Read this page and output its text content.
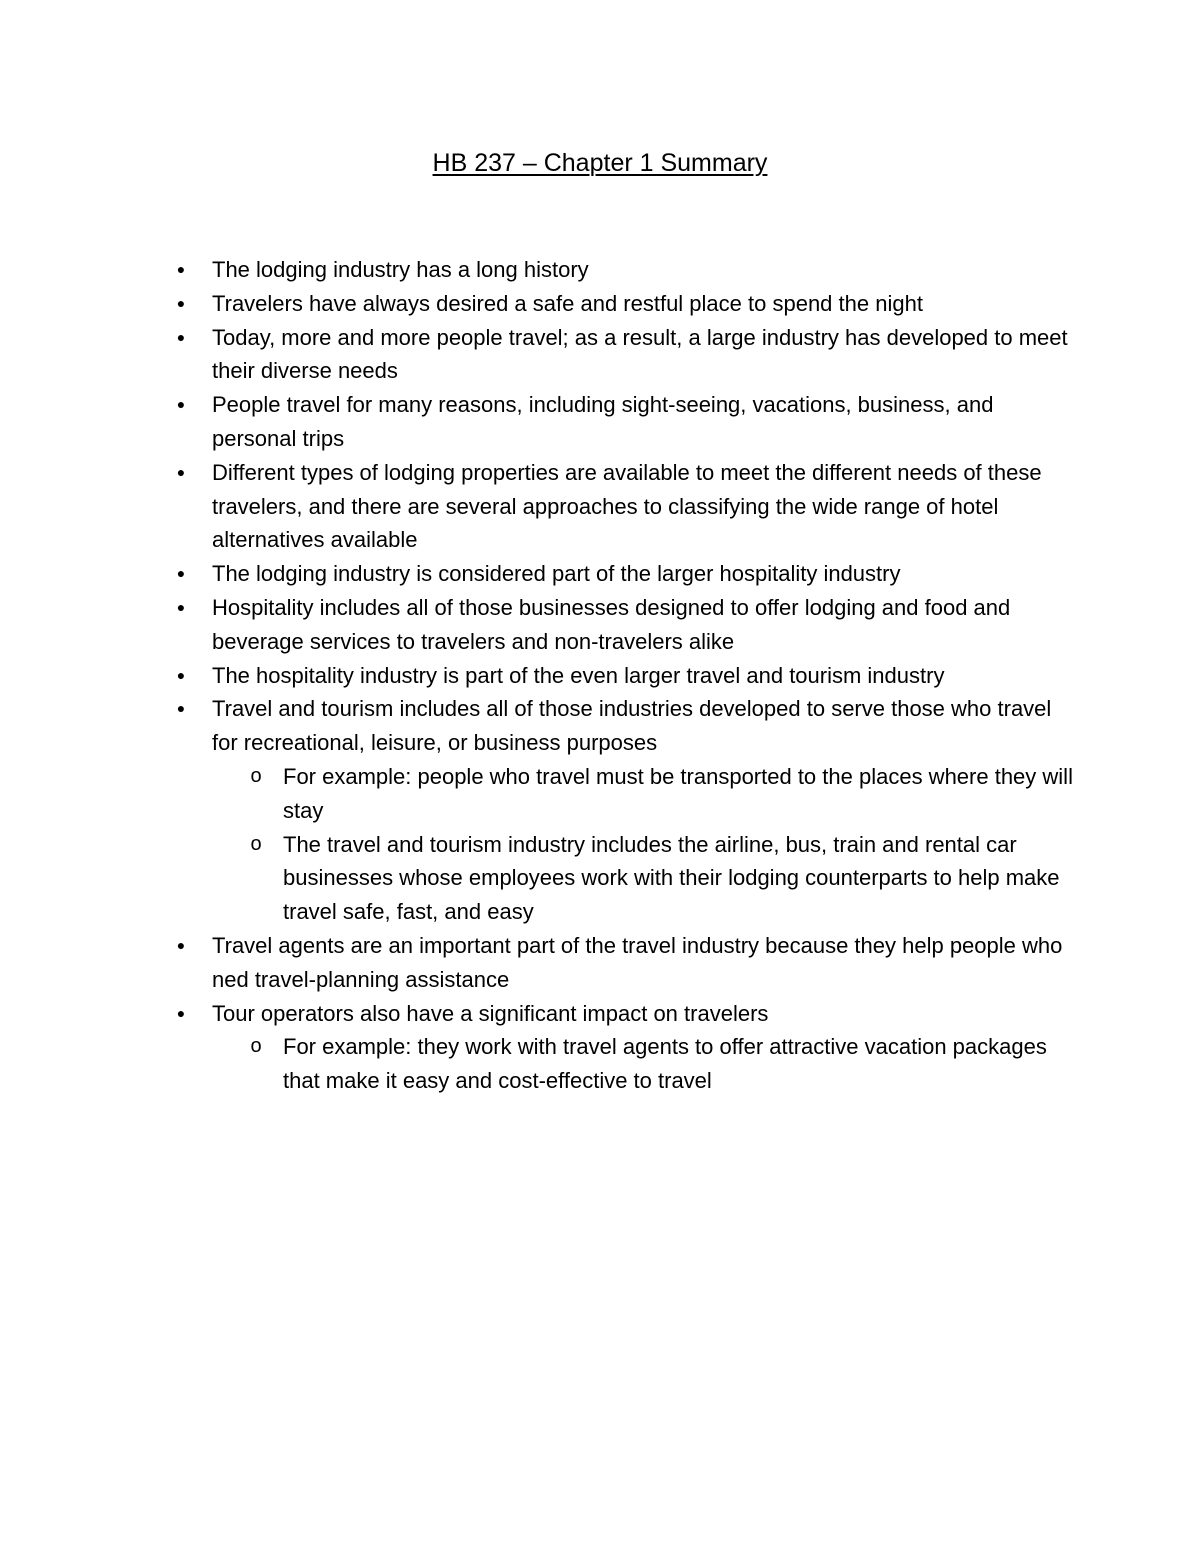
HB 237 – Chapter 1 Summary
● The lodging industry has a long history
● Travelers have always desired a safe and restful place to spend the night
● Today, more and more people travel; as a result, a large industry has developed to meet their diverse needs
● People travel for many reasons, including sight-seeing, vacations, business, and personal trips
● Different types of lodging properties are available to meet the different needs of these travelers, and there are several approaches to classifying the wide range of hotel alternatives available
● The lodging industry is considered part of the larger hospitality industry
● Hospitality includes all of those businesses designed to offer lodging and food and beverage services to travelers and non-travelers alike
● The hospitality industry is part of the even larger travel and tourism industry
● Travel and tourism includes all of those industries developed to serve those who travel for recreational, leisure, or business purposes
o For example: people who travel must be transported to the places where they will stay
o The travel and tourism industry includes the airline, bus, train and rental car businesses whose employees work with their lodging counterparts to help make travel safe, fast, and easy
● Travel agents are an important part of the travel industry because they help people who ned travel-planning assistance
● Tour operators also have a significant impact on travelers
o For example: they work with travel agents to offer attractive vacation packages that make it easy and cost-effective to travel
